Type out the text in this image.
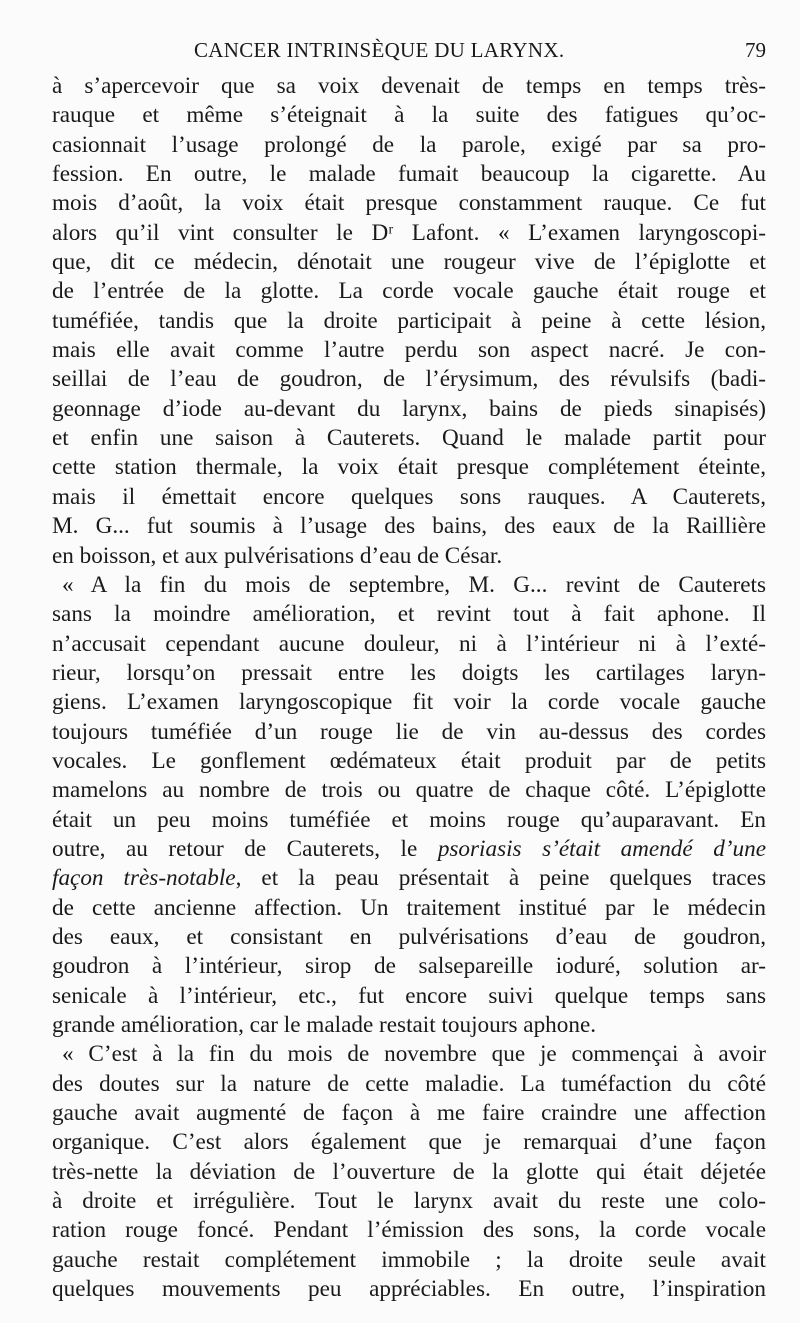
CANCER INTRINSÈQUE DU LARYNX.	79
à s’apercevoir que sa voix devenait de temps en temps très-
rauque et même s’éteignait à la suite des fatigues qu’oc-
casionnait l’usage prolongé de la parole, exigé par sa pro-
fession. En outre, le malade fumait beaucoup la cigarette. Au
mois d’août, la voix était presque constamment rauque. Ce fut
alors qu’il vint consulter le Dʳ Lafont. « L’examen laryngoscopi-
que, dit ce médecin, dénotait une rougeur vive de l’épiglotte et
de l’entrée de la glotte. La corde vocale gauche était rouge et
tuméfiée, tandis que la droite participait à peine à cette lésion,
mais elle avait comme l’autre perdu son aspect nacré. Je con-
seillai de l’eau de goudron, de l’érysimum, des révulsifs (badi-
geonnage d’iode au-devant du larynx, bains de pieds sinapisés)
et enfin une saison à Cauterets. Quand le malade partit pour
cette station thermale, la voix était presque complétement éteinte,
mais il émettait encore quelques sons rauques. A Cauterets,
M. G... fut soumis à l’usage des bains, des eaux de la Raillière
en boisson, et aux pulvérisations d’eau de César.
« A la fin du mois de septembre, M. G... revint de Cauterets
sans la moindre amélioration, et revint tout à fait aphone. Il
n’accusait cependant aucune douleur, ni à l’intérieur ni à l’exté-
rieur, lorsqu’on pressait entre les doigts les cartilages laryn-
giens. L’examen laryngoscopique fit voir la corde vocale gauche
toujours tuméfiée d’un rouge lie de vin au-dessus des cordes
vocales. Le gonflement œdémateux était produit par de petits
mamelons au nombre de trois ou quatre de chaque côté. L’épiglotte
était un peu moins tuméfiée et moins rouge qu’auparavant. En
outre, au retour de Cauterets, le psoriasis s’était amendé d’une
façon très-notable, et la peau présentait à peine quelques traces
de cette ancienne affection. Un traitement institué par le médecin
des eaux, et consistant en pulvérisations d’eau de goudron,
goudron à l’intérieur, sirop de salsepareille ioduré, solution ar-
senicale à l’intérieur, etc., fut encore suivi quelque temps sans
grande amélioration, car le malade restait toujours aphone.
« C’est à la fin du mois de novembre que je commençai à avoir
des doutes sur la nature de cette maladie. La tuméfaction du côté
gauche avait augmenté de façon à me faire craindre une affection
organique. C’est alors également que je remarquai d’une façon
très-nette la déviation de l’ouverture de la glotte qui était déjetée
à droite et irrégulière. Tout le larynx avait du reste une colo-
ration rouge foncé. Pendant l’émission des sons, la corde vocale
gauche restait complétement immobile ; la droite seule avait
quelques mouvements peu appréciables. En outre, l’inspiration
